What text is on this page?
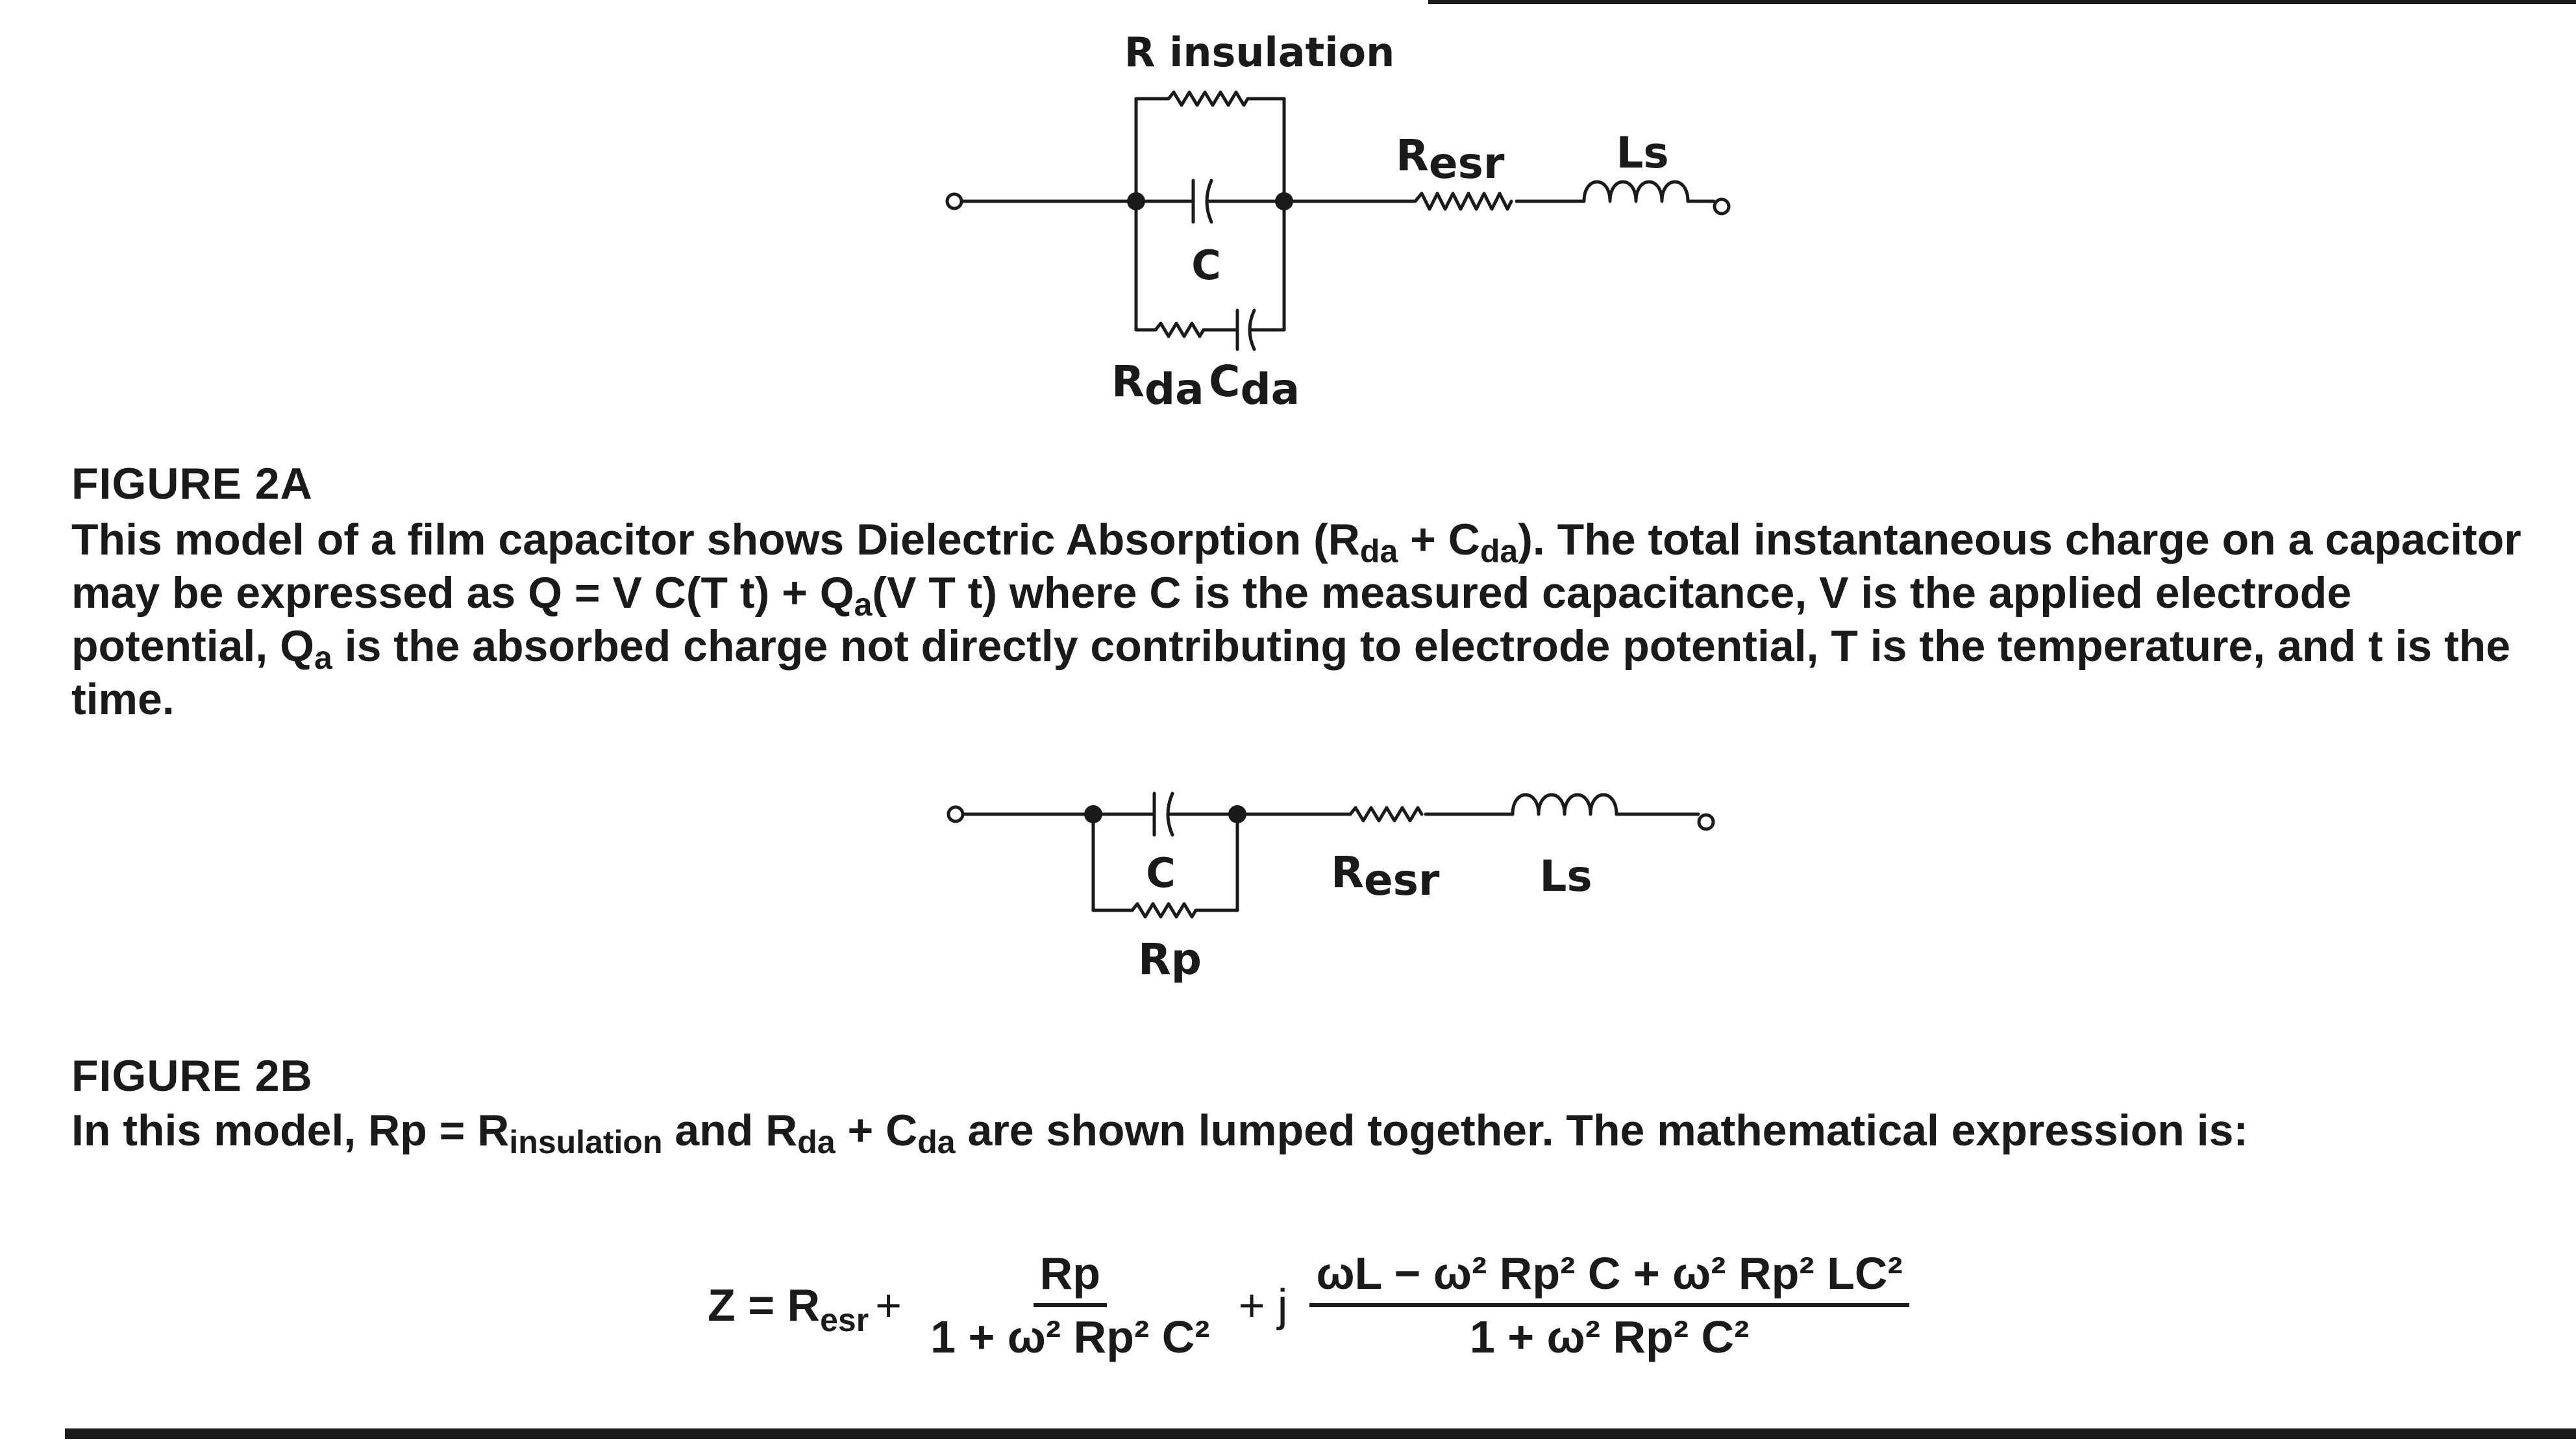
R insulation
C
Resr	Ls
Rda Cda
FIGURE 2A
This model of a film capacitor shows Dielectric Absorption $(R_{da} + C_{da})$. The total instantaneous charge on a capacitor may be expressed as Q = V C(T $t) + Q_a(V$ T t) where C is the measured capacitance, V is the applied electrode potential, $Q_a$ is the absorbed charge not directly contributing to electrode potential, T is the temperature, and t is the time.
C
Rp
Resr Ls
FIGURE 2B
In this model, $Rp = R_{insulation}$ and $R_{da} + C_{da}$ are shown lumped together. The mathematical expression is:
$Z = R_{esr} + \frac{Rp}{\text{1 + ω² Rp² C²}} + j \frac{\text{ωL − ω² Rp² C + ω² Rp² LC²}}{\text{1 + ω² Rp² C²}}$
